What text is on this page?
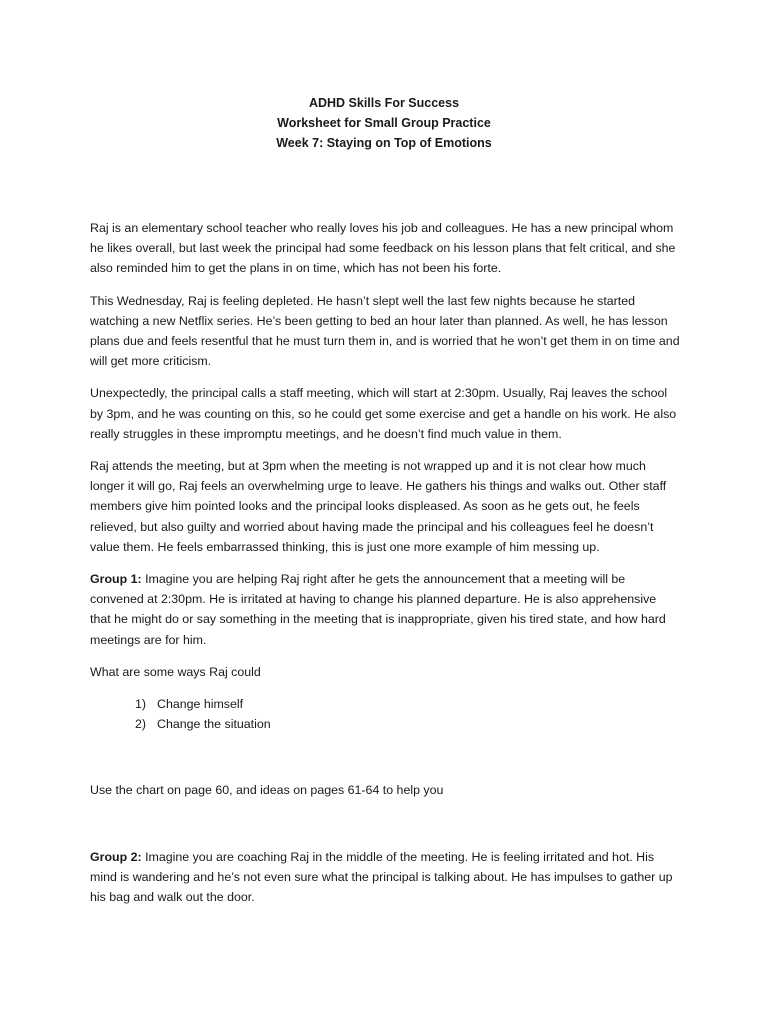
ADHD Skills For Success
Worksheet for Small Group Practice
Week 7: Staying on Top of Emotions

Raj is an elementary school teacher who really loves his job and colleagues. He has a new principal whom he likes overall, but last week the principal had some feedback on his lesson plans that felt critical, and she also reminded him to get the plans in on time, which has not been his forte.

This Wednesday, Raj is feeling depleted. He hasn’t slept well the last few nights because he started watching a new Netflix series. He’s been getting to bed an hour later than planned. As well, he has lesson plans due and feels resentful that he must turn them in, and is worried that he won’t get them in on time and will get more criticism.

Unexpectedly, the principal calls a staff meeting, which will start at 2:30pm. Usually, Raj leaves the school by 3pm, and he was counting on this, so he could get some exercise and get a handle on his work. He also really struggles in these impromptu meetings, and he doesn’t find much value in them.

Raj attends the meeting, but at 3pm when the meeting is not wrapped up and it is not clear how much longer it will go, Raj feels an overwhelming urge to leave. He gathers his things and walks out. Other staff members give him pointed looks and the principal looks displeased. As soon as he gets out, he feels relieved, but also guilty and worried about having made the principal and his colleagues feel he doesn’t value them. He feels embarrassed thinking, this is just one more example of him messing up.

Group 1: Imagine you are helping Raj right after he gets the announcement that a meeting will be convened at 2:30pm. He is irritated at having to change his planned departure. He is also apprehensive that he might do or say something in the meeting that is inappropriate, given his tired state, and how hard meetings are for him.

What are some ways Raj could

1) Change himself
2) Change the situation

Use the chart on page 60, and ideas on pages 61-64 to help you

Group 2: Imagine you are coaching Raj in the middle of the meeting. He is feeling irritated and hot. His mind is wandering and he’s not even sure what the principal is talking about. He has impulses to gather up his bag and walk out the door.
